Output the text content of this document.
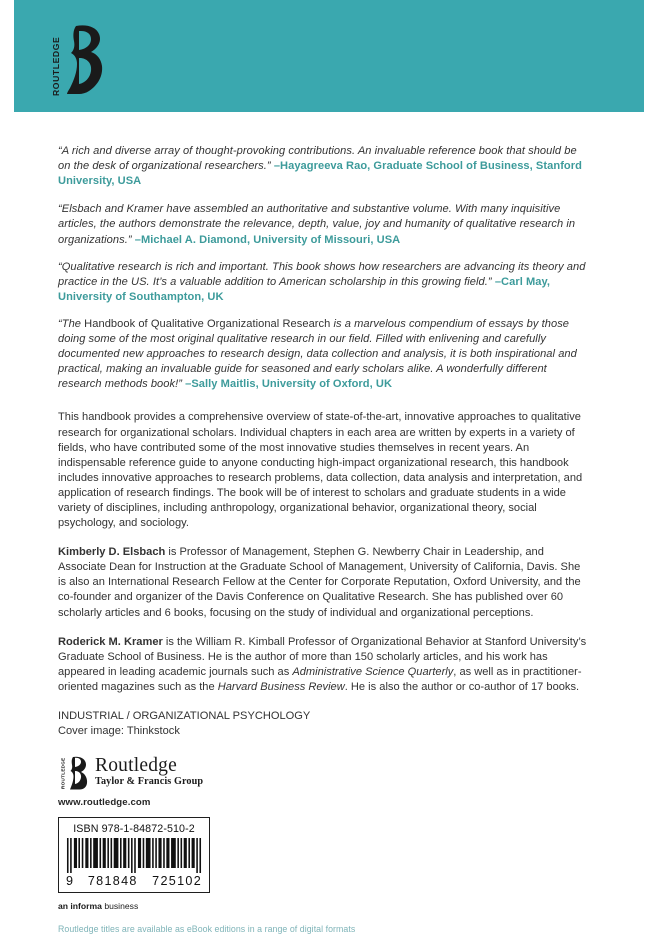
ROUTLEDGE

“A rich and diverse array of thought-provoking contributions. An invaluable reference book that should be on the desk of organizational researchers.” –Hayagreeva Rao, Graduate School of Business, Stanford University, USA

“Elsbach and Kramer have assembled an authoritative and substantive volume. With many inquisitive articles, the authors demonstrate the relevance, depth, value, joy and humanity of qualitative research in organizations.” –Michael A. Diamond, University of Missouri, USA

“Qualitative research is rich and important. This book shows how researchers are advancing its theory and practice in the US. It’s a valuable addition to American scholarship in this growing field.” –Carl May, University of Southampton, UK

“The Handbook of Qualitative Organizational Research is a marvelous compendium of essays by those doing some of the most original qualitative research in our field. Filled with enlivening and carefully documented new approaches to research design, data collection and analysis, it is both inspirational and practical, making an invaluable guide for seasoned and early scholars alike. A wonderfully different research methods book!” –Sally Maitlis, University of Oxford, UK

This handbook provides a comprehensive overview of state-of-the-art, innovative approaches to qualitative research for organizational scholars. Individual chapters in each area are written by experts in a variety of fields, who have contributed some of the most innovative studies themselves in recent years. An indispensable reference guide to anyone conducting high-impact organizational research, this handbook includes innovative approaches to research problems, data collection, data analysis and interpretation, and application of research findings. The book will be of interest to scholars and graduate students in a wide variety of disciplines, including anthropology, organizational behavior, organizational theory, social psychology, and sociology.

Kimberly D. Elsbach is Professor of Management, Stephen G. Newberry Chair in Leadership, and Associate Dean for Instruction at the Graduate School of Management, University of California, Davis. She is also an International Research Fellow at the Center for Corporate Reputation, Oxford University, and the co-founder and organizer of the Davis Conference on Qualitative Research. She has published over 60 scholarly articles and 6 books, focusing on the study of individual and organizational perceptions.

Roderick M. Kramer is the William R. Kimball Professor of Organizational Behavior at Stanford University’s Graduate School of Business. He is the author of more than 150 scholarly articles, and his work has appeared in leading academic journals such as Administrative Science Quarterly, as well as in practitioner-oriented magazines such as the Harvard Business Review. He is also the author or co-author of 17 books.

INDUSTRIAL / ORGANIZATIONAL PSYCHOLOGY
Cover image: Thinkstock
ROUTLEDGE Routledge
Taylor & Francis Group
www.routledge.com
ISBN 978-1-84872-510-2
9	781848	725102
an informa business
Routledge titles are available as eBook editions in a range of digital formats
